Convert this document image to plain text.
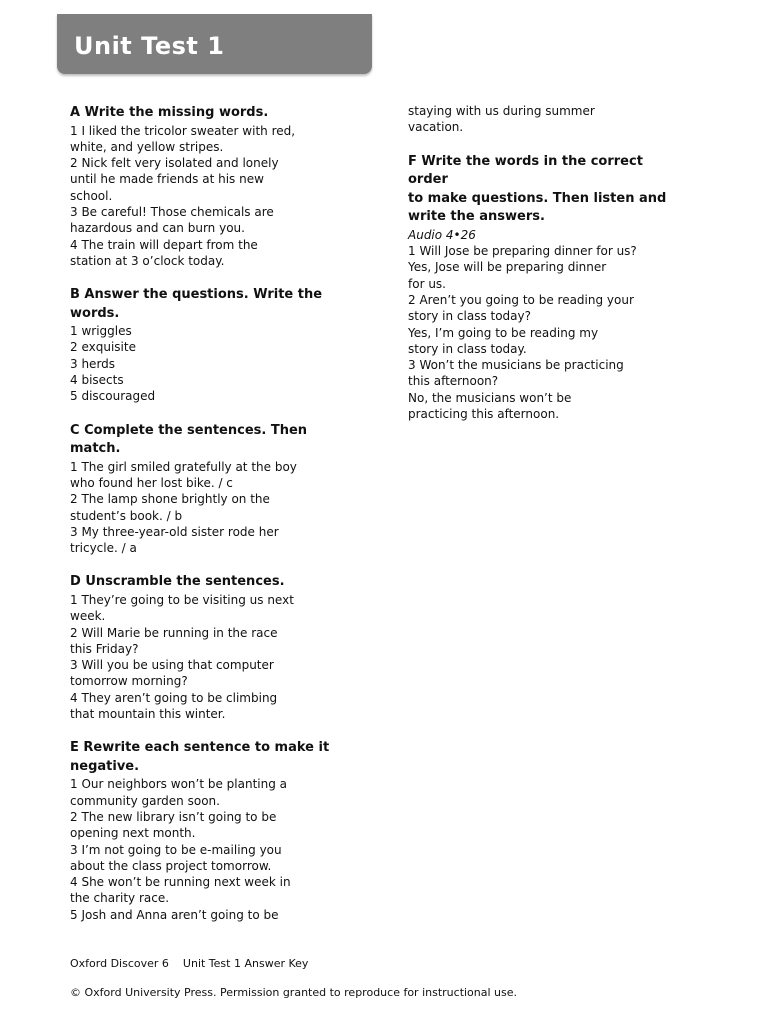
Unit Test 1
A Write the missing words.
1 I liked the tricolor sweater with red,
white, and yellow stripes.
2 Nick felt very isolated and lonely
until he made friends at his new
school.
3 Be careful! Those chemicals are
hazardous and can burn you.
4 The train will depart from the
station at 3 o’clock today.
B Answer the questions. Write the
words.
1 wriggles
2 exquisite
3 herds
4 bisects
5 discouraged
C Complete the sentences. Then
match.
1 The girl smiled gratefully at the boy
who found her lost bike. / c
2 The lamp shone brightly on the
student’s book. / b
3 My three-year-old sister rode her
tricycle. / a
D Unscramble the sentences.
1 They’re going to be visiting us next
week.
2 Will Marie be running in the race
this Friday?
3 Will you be using that computer
tomorrow morning?
4 They aren’t going to be climbing
that mountain this winter.
E Rewrite each sentence to make it
negative.
1 Our neighbors won’t be planting a
community garden soon.
2 The new library isn’t going to be
opening next month.
3 I’m not going to be e-mailing you
about the class project tomorrow.
4 She won’t be running next week in
the charity race.
5 Josh and Anna aren’t going to be
staying with us during summer
vacation.
F Write the words in the correct order
to make questions. Then listen and
write the answers.
Audio 4•26
1 Will Jose be preparing dinner for us?
Yes, Jose will be preparing dinner
for us.
2 Aren’t you going to be reading your
story in class today?
Yes, I’m going to be reading my
story in class today.
3 Won’t the musicians be practicing
this afternoon?
No, the musicians won’t be
practicing this afternoon.
Oxford Discover 6 Unit Test 1 Answer Key
© Oxford University Press. Permission granted to reproduce for instructional use.
